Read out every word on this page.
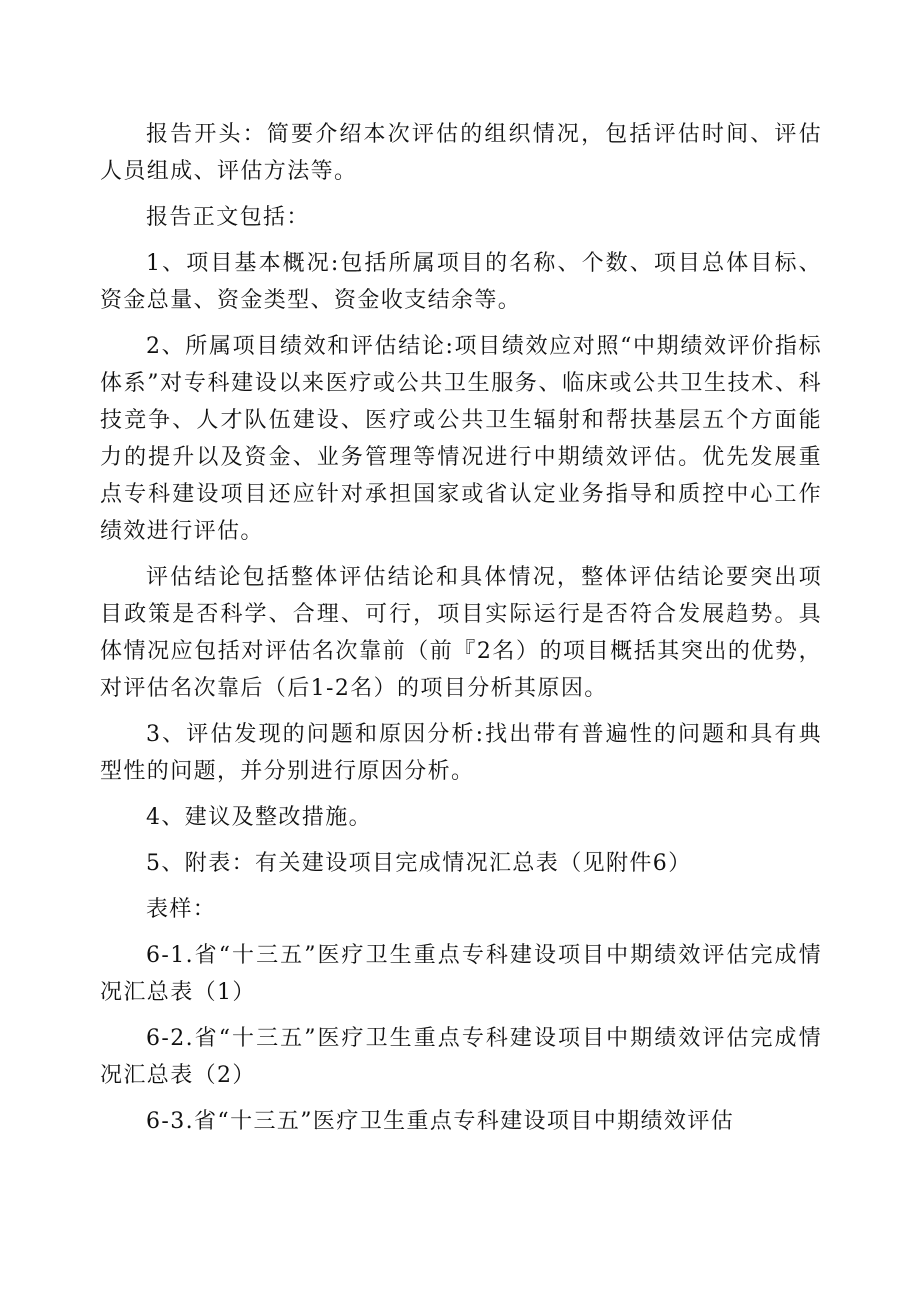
报告开头：简要介绍本次评估的组织情况，包括评估时间、评估人员组成、评估方法等。

报告正文包括：

1、项目基本概况:包括所属项目的名称、个数、项目总体目标、资金总量、资金类型、资金收支结余等。

2、所属项目绩效和评估结论:项目绩效应对照“中期绩效评价指标体系”对专科建设以来医疗或公共卫生服务、临床或公共卫生技术、科技竞争、人才队伍建设、医疗或公共卫生辐射和帮扶基层五个方面能力的提升以及资金、业务管理等情况进行中期绩效评估。优先发展重点专科建设项目还应针对承担国家或省认定业务指导和质控中心工作绩效进行评估。

评估结论包括整体评估结论和具体情况，整体评估结论要突出项目政策是否科学、合理、可行，项目实际运行是否符合发展趋势。具体情况应包括对评估名次靠前（前『2名）的项目概括其突出的优势，对评估名次靠后（后1-2名）的项目分析其原因。

3、评估发现的问题和原因分析:找出带有普遍性的问题和具有典型性的问题，并分别进行原因分析。

4、建议及整改措施。

5、附表：有关建设项目完成情况汇总表（见附件6）

表样：

6-1.省“十三五”医疗卫生重点专科建设项目中期绩效评估完成情况汇总表（1）

6-2.省“十三五”医疗卫生重点专科建设项目中期绩效评估完成情况汇总表（2）

6-3.省“十三五”医疗卫生重点专科建设项目中期绩效评估
